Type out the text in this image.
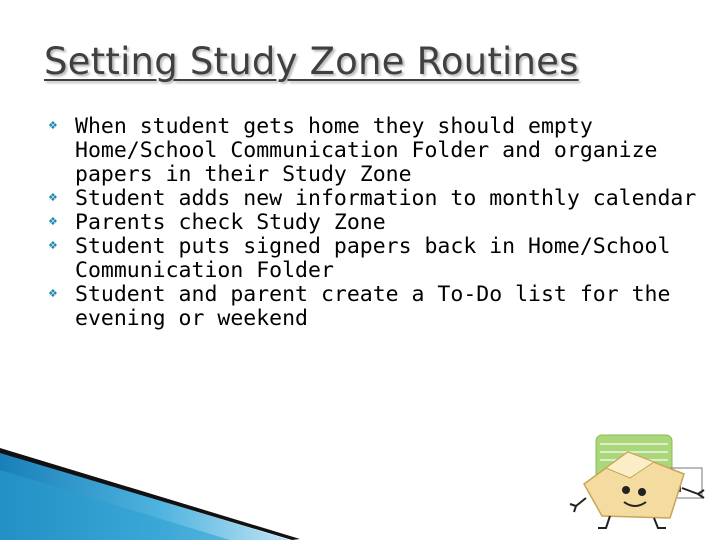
Setting Study Zone Routines
❖ When student gets home they should empty Home/School Communication Folder and organize papers in their Study Zone
❖ Student adds new information to monthly calendar
❖ Parents check Study Zone
❖ Student puts signed papers back in Home/School Communication Folder
❖ Student and parent create a To-Do list for the evening or weekend
